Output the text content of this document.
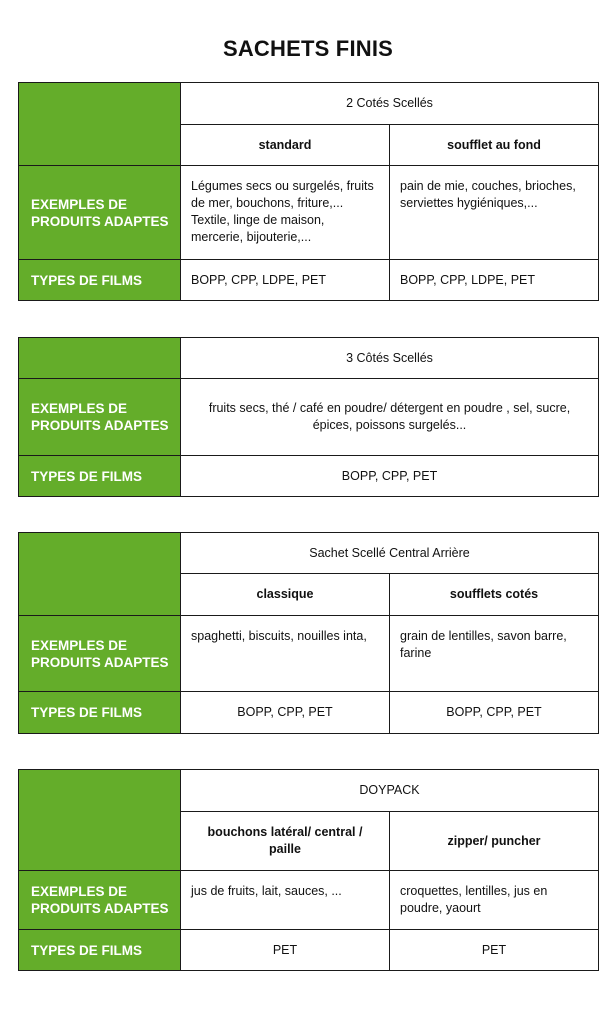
SACHETS FINIS
	2 Cotés Scellés	
	standard	soufflet au fond
EXEMPLES DE PRODUITS ADAPTES	Légumes secs ou surgelés, fruits de mer, bouchons, friture,... Textile, linge de maison, mercerie, bijouterie,...	pain de mie, couches, brioches, serviettes hygiéniques,...
TYPES DE FILMS	BOPP, CPP, LDPE, PET	BOPP, CPP, LDPE, PET
	3 Côtés Scellés
EXEMPLES DE PRODUITS ADAPTES	fruits secs, thé / café en poudre/ détergent en poudre , sel, sucre, épices, poissons surgelés...
TYPES DE FILMS	BOPP, CPP, PET
	Sachet Scellé Central Arrière	
	classique	soufflets cotés
EXEMPLES DE PRODUITS ADAPTES	spaghetti, biscuits, nouilles inta,	grain de lentilles, savon barre, farine
TYPES DE FILMS	BOPP, CPP, PET	BOPP, CPP, PET
	DOYPACK	
	bouchons latéral/ central / paille	zipper/ puncher
EXEMPLES DE PRODUITS ADAPTES	jus de fruits, lait, sauces, ...	croquettes, lentilles, jus en poudre, yaourt
TYPES DE FILMS	PET	PET
